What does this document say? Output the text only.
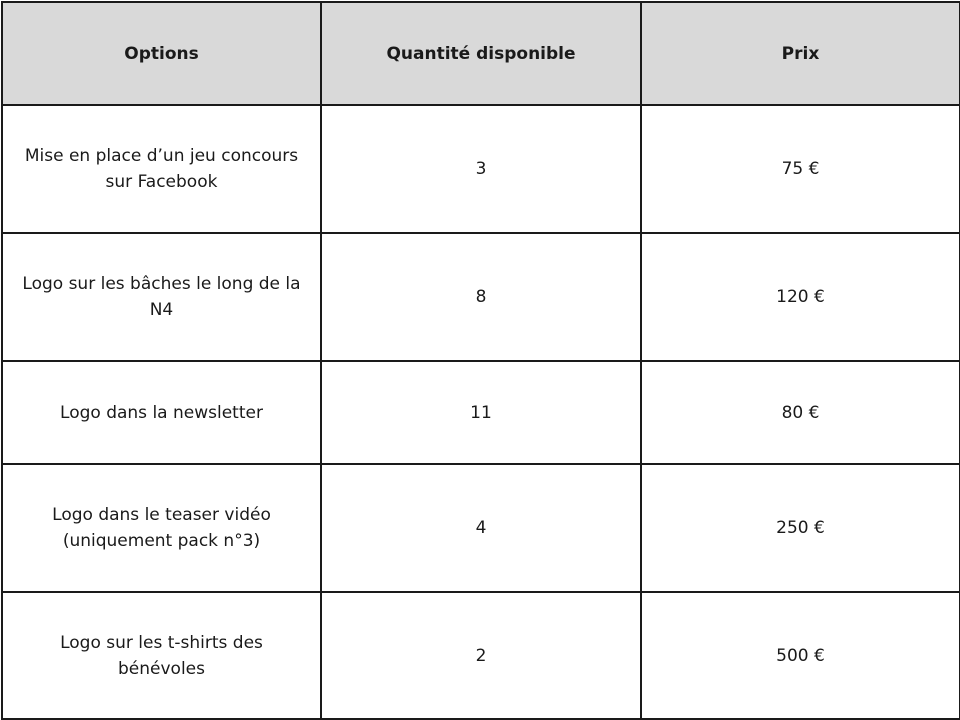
Options	Quantité disponible	Prix
Mise en place d’un jeu concours sur Facebook	3	75 €
Logo sur les bâches le long de la N4	8	120 €
Logo dans la newsletter	11	80 €
Logo dans le teaser vidéo (uniquement pack n°3)	4	250 €
Logo sur les t-shirts des bénévoles	2	500 €
